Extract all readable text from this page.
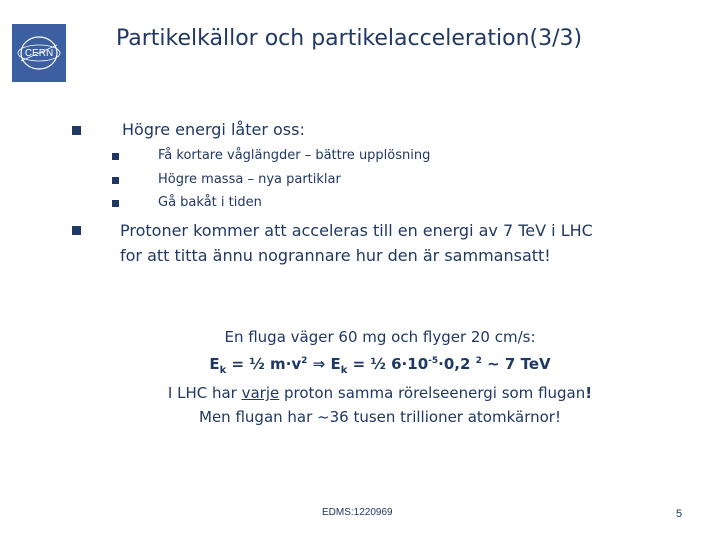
CERN
Partikelkällor och partikelacceleration(3/3)
Högre energi låter oss:
Få kortare våglängder – bättre upplösning
Högre massa – nya partiklar
Gå bakåt i tiden
Protoner kommer att acceleras till en energi av 7 TeV i LHC
for att titta ännu nogrannare hur den är sammansatt!
En fluga väger 60 mg och flyger 20 cm/s:
$E_k$ = ½ $m\cdot v^2$ ⇒ $E_k$ = ½ $6\cdot 10^{-5}\cdot 0,2$ $^2$ ~ 7 TeV
I LHC har varje proton samma rörelseenergi som flugan!
Men flugan har ~36 tusen trillioner atomkärnor!
EDMS:1220969	5
